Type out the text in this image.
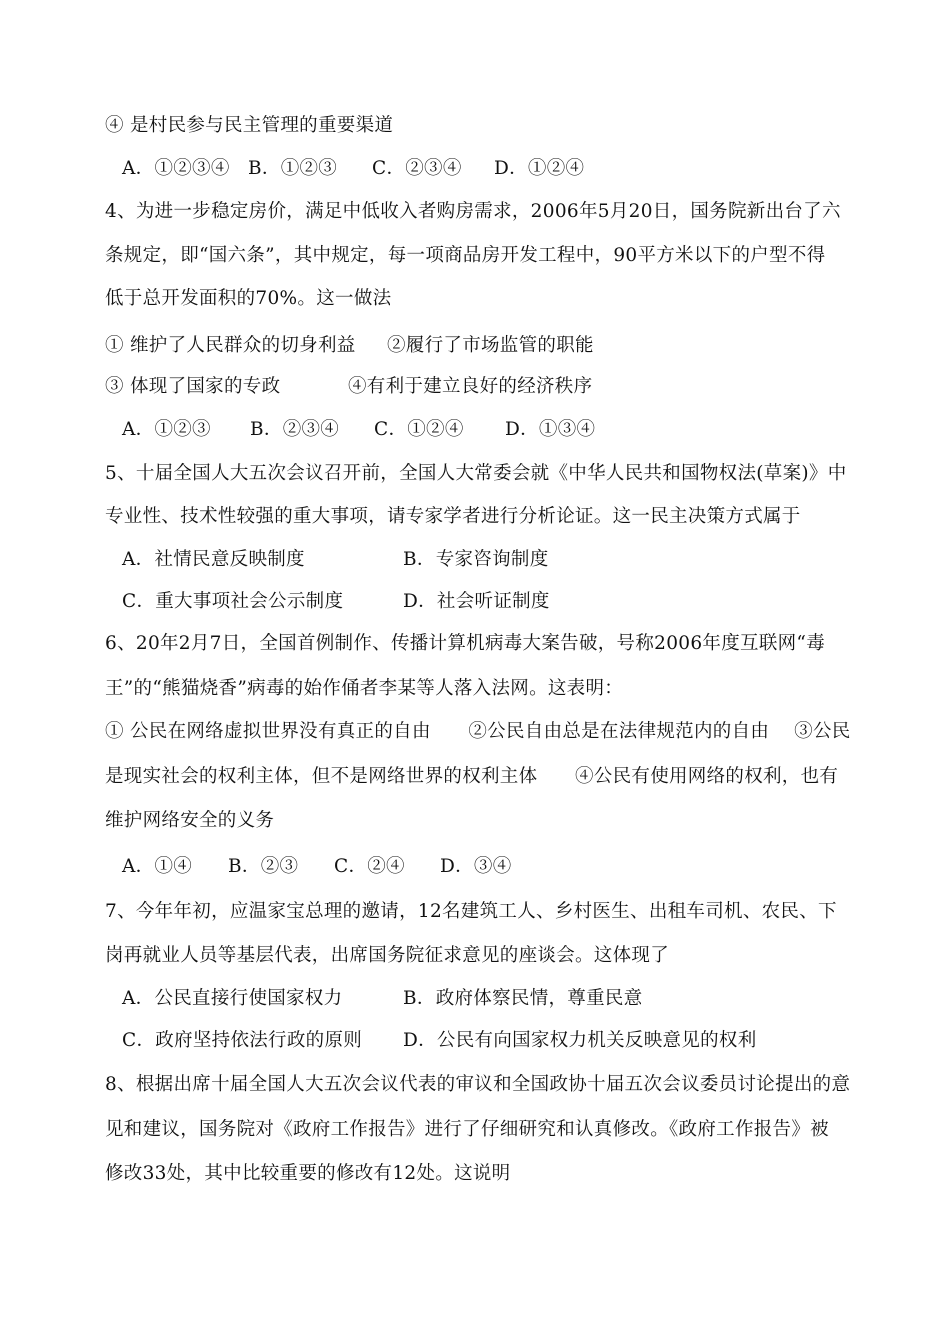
④ 是村民参与民主管理的重要渠道
A．①②③④ B．①②③ C．②③④ D．①②④
4、为进一步稳定房价，满足中低收入者购房需求，2006年5月20日，国务院新出台了六
条规定，即“国六条”，其中规定，每一项商品房开发工程中，90平方米以下的户型不得
低于总开发面积的70%。这一做法
① 维护了人民群众的切身利益 ②履行了市场监管的职能
③ 体现了国家的专政	④有利于建立良好的经济秩序
A．①②③ B．②③④ C．①②④ D．①③④
5、十届全国人大五次会议召开前，全国人大常委会就《中华人民共和国物权法(草案)》中
专业性、技术性较强的重大事项，请专家学者进行分析论证。这一民主决策方式属于
A．社情民意反映制度	B．专家咨询制度
C．重大事项社会公示制度	D．社会听证制度
6、20年2月7日，全国首例制作、传播计算机病毒大案告破，号称2006年度互联网“毒
王”的“熊猫烧香”病毒的始作俑者李某等人落入法网。这表明：
① 公民在网络虚拟世界没有真正的自由　　②公民自由总是在法律规范内的自由　 ③公民
是现实社会的权利主体，但不是网络世界的权利主体　　④公民有使用网络的权利，也有
维护网络安全的义务
A．①④ B．②③ C．②④ D．③④
7、今年年初，应温家宝总理的邀请，12名建筑工人、乡村医生、出租车司机、农民、下
岗再就业人员等基层代表，出席国务院征求意见的座谈会。这体现了
A．公民直接行使国家权力	B．政府体察民情，尊重民意
C．政府坚持依法行政的原则 D．公民有向国家权力机关反映意见的权利
8、根据出席十届全国人大五次会议代表的审议和全国政协十届五次会议委员讨论提出的意
见和建议，国务院对《政府工作报告》进行了仔细研究和认真修改。《政府工作报告》被
修改33处，其中比较重要的修改有12处。这说明
